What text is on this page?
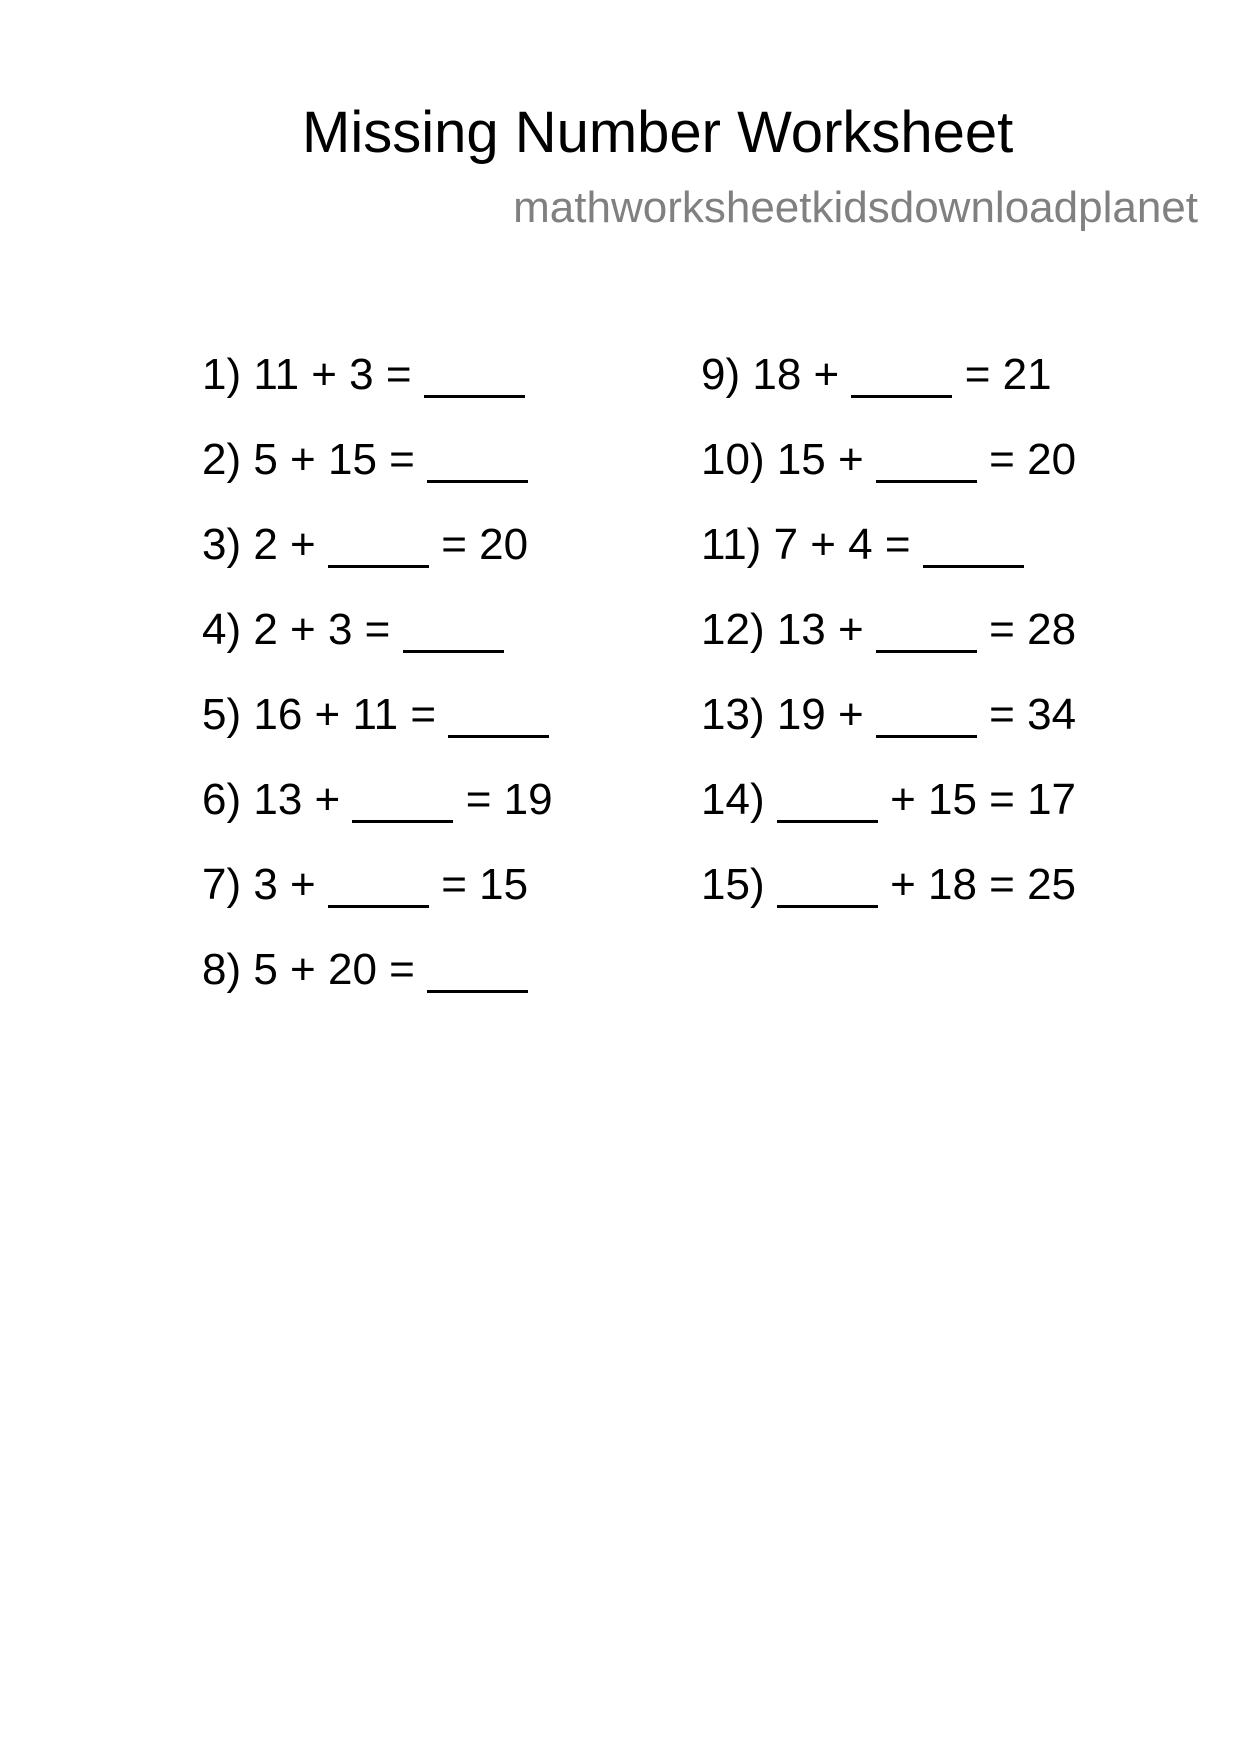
Missing Number Worksheet
mathworksheetkidsdownloadplanet
1) 11 + 3 =
2) 5 + 15 =
3) 2 +	= 20
4) 2 + 3 =
5) 16 + 11 =
6) 13 +	= 19
7) 3 +	= 15
8) 5 + 20 =
9) 18 +	= 21
10) 15 +	= 20
11) 7 + 4 =
12) 13 +	= 28
13) 19 +	= 34
14)	+ 15 = 17
15)	+ 18 = 25
